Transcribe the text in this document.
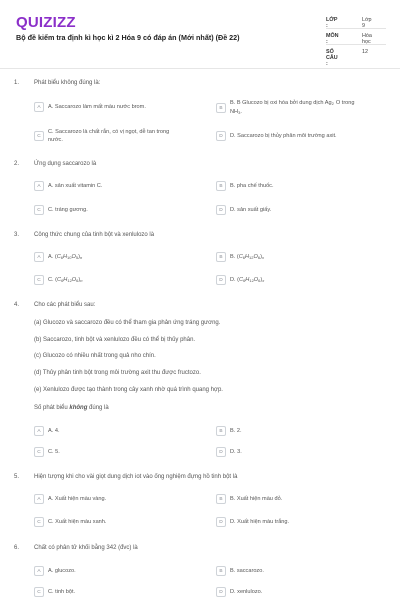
QUIZIZZ
Bộ đề kiểm tra định kì học kì 2 Hóa 9 có đáp án (Mới nhất) (Đề 22)
LỚP :
Lớp 9
MÔN :
Hóa học
SỐ CÂU :
12
1. Phát biểu không đúng là:
A	A. Saccarozo làm mất màu nước brom.	B
B. B Glucozo bị oxi hóa bởi dung dịch $Ag_2$ O trong
$NH_3$.
C
C. Saccarozo là chất rắn, có vị ngọt, dễ tan trong
nước.
D	D. Saccarozo bị thủy phân môi trường axit.
2. Ứng dụng saccarozo là
A	A. sản xuất vitamin C.	B	B. pha chế thuốc.
C	C. tráng gương.	D	D. sản xuất giấy.
3. Công thức chung của tinh bột và xenlulozo là
A	A. $(C_6H_{10}O_5)_n$	B	B. $(C_6H_{12}O_6)_x$
C	C. $(C_6H_{12}O_6)_n$	D	D. $(C_6H_{12}O_6)_x$
4. Cho các phát biểu sau:
(a) Glucozo và saccarozo đều có thể tham gia phản ứng tráng gương.
(b) Saccarozo, tinh bột và xenlulozo đều có thể bị thủy phân.
(c) Glucozo có nhiều nhất trong quả nho chín.
(d) Thủy phân tinh bột trong môi trường axit thu được fructozo.
(e) Xenlulozo được tạo thành trong cây xanh nhờ quá trình quang hợp.
Số phát biểu không đúng là
A	A. 4.	B	B. 2.
C	C. 5.	D	D. 3.
5. Hiện tượng khi cho vài giọt dung dịch iot vào ống nghiệm đựng hồ tinh bột là
A	A. Xuất hiện màu vàng.	B	B. Xuất hiện màu đỏ.
C	C. Xuất hiện màu xanh.	D	D. Xuất hiện màu trắng.
6. Chất có phân tử khối bằng 342 (đvc) là
A	A. glucozo.	B	B. saccarozo.
C	C. tinh bột.	D	D. xenlulozo.
